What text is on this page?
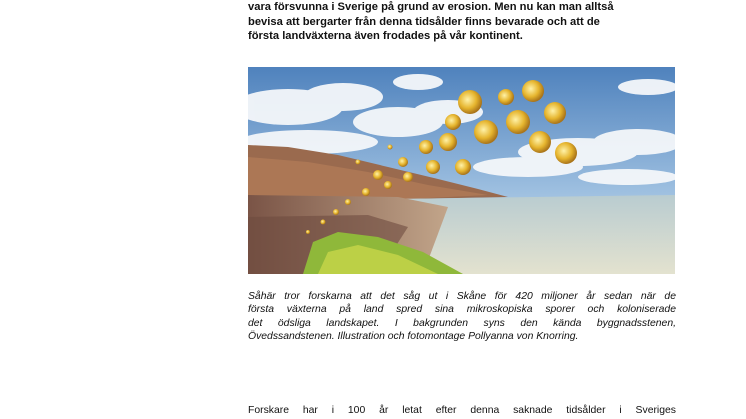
vara försvunna i Sverige på grund av erosion. Men nu kan man alltså
bevisa att bergarter från denna tidsålder finns bevarade och att de
första landväxterna även frodades på vår kontinent.

Såhär tror forskarna att det såg ut i Skåne för 420 miljoner år sedan när de
första växterna på land spred sina mikroskopiska sporer och koloniserade
det ödsliga landskapet. I bakgrunden syns den kända byggnadsstenen,
Övedssandstenen. Illustration och fotomontage Pollyanna von Knorring.

Forskare har i 100 år letat efter denna saknade tidsålder i Sveriges
